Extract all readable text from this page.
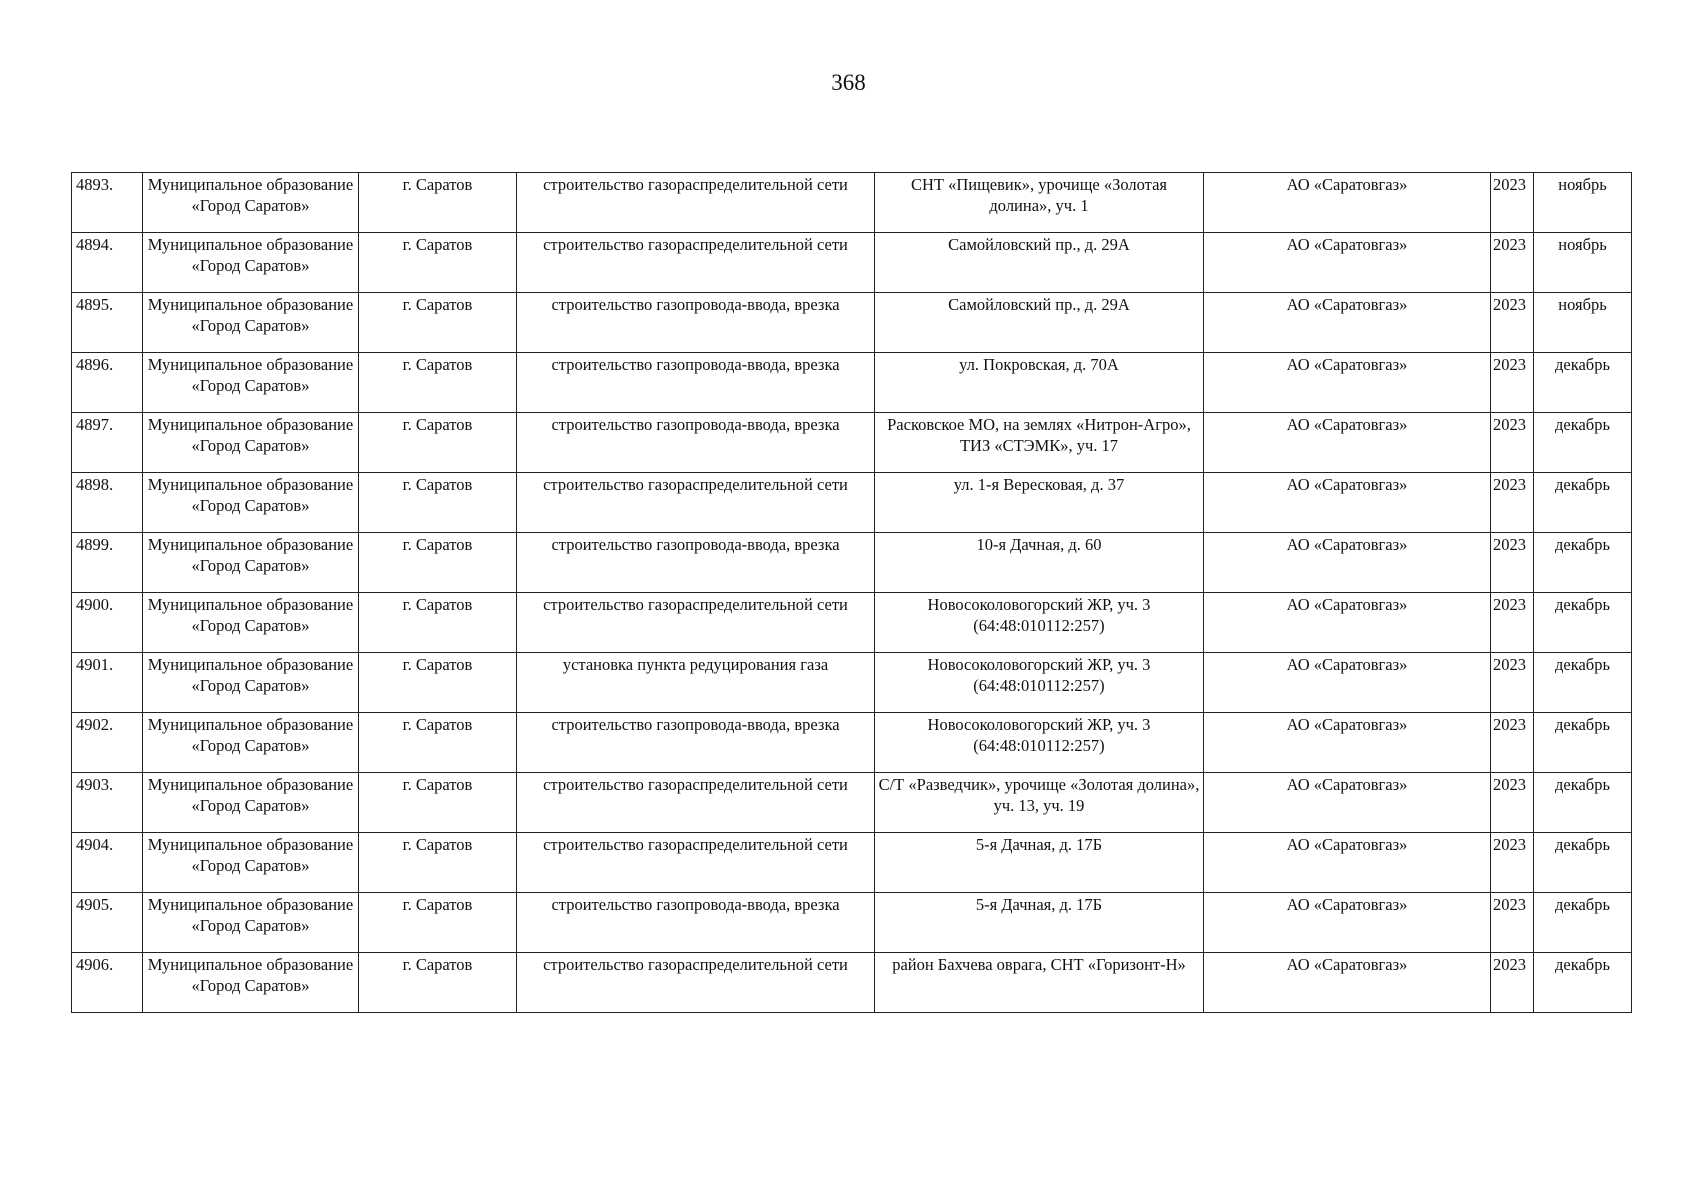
368
4893.	Муниципальное образование «Город Саратов»	г. Саратов	строительство газораспределительной сети	СНТ «Пищевик», урочище «Золотая долина», уч. 1	АО «Саратовгаз»	2023	ноябрь
4894.	Муниципальное образование «Город Саратов»	г. Саратов	строительство газораспределительной сети	Самойловский пр., д. 29А	АО «Саратовгаз»	2023	ноябрь
4895.	Муниципальное образование «Город Саратов»	г. Саратов	строительство газопровода-ввода, врезка	Самойловский пр., д. 29А	АО «Саратовгаз»	2023	ноябрь
4896.	Муниципальное образование «Город Саратов»	г. Саратов	строительство газопровода-ввода, врезка	ул. Покровская, д. 70А	АО «Саратовгаз»	2023	декабрь
4897.	Муниципальное образование «Город Саратов»	г. Саратов	строительство газопровода-ввода, врезка	Расковское МО, на землях «Нитрон-Агро», ТИЗ «СТЭМК», уч. 17	АО «Саратовгаз»	2023	декабрь
4898.	Муниципальное образование «Город Саратов»	г. Саратов	строительство газораспределительной сети	ул. 1-я Вересковая, д. 37	АО «Саратовгаз»	2023	декабрь
4899.	Муниципальное образование «Город Саратов»	г. Саратов	строительство газопровода-ввода, врезка	10-я Дачная, д. 60	АО «Саратовгаз»	2023	декабрь
4900.	Муниципальное образование «Город Саратов»	г. Саратов	строительство газораспределительной сети	Новосоколовогорский ЖР, уч. 3 (64:48:010112:257)	АО «Саратовгаз»	2023	декабрь
4901.	Муниципальное образование «Город Саратов»	г. Саратов	установка пункта редуцирования газа	Новосоколовогорский ЖР, уч. 3 (64:48:010112:257)	АО «Саратовгаз»	2023	декабрь
4902.	Муниципальное образование «Город Саратов»	г. Саратов	строительство газопровода-ввода, врезка	Новосоколовогорский ЖР, уч. 3 (64:48:010112:257)	АО «Саратовгаз»	2023	декабрь
4903.	Муниципальное образование «Город Саратов»	г. Саратов	строительство газораспределительной сети	С/Т «Разведчик», урочище «Золотая долина», уч. 13, уч. 19	АО «Саратовгаз»	2023	декабрь
4904.	Муниципальное образование «Город Саратов»	г. Саратов	строительство газораспределительной сети	5-я Дачная, д. 17Б	АО «Саратовгаз»	2023	декабрь
4905.	Муниципальное образование «Город Саратов»	г. Саратов	строительство газопровода-ввода, врезка	5-я Дачная, д. 17Б	АО «Саратовгаз»	2023	декабрь
4906.	Муниципальное образование «Город Саратов»	г. Саратов	строительство газораспределительной сети	район Бахчева оврага, СНТ «Горизонт-Н»	АО «Саратовгаз»	2023	декабрь
